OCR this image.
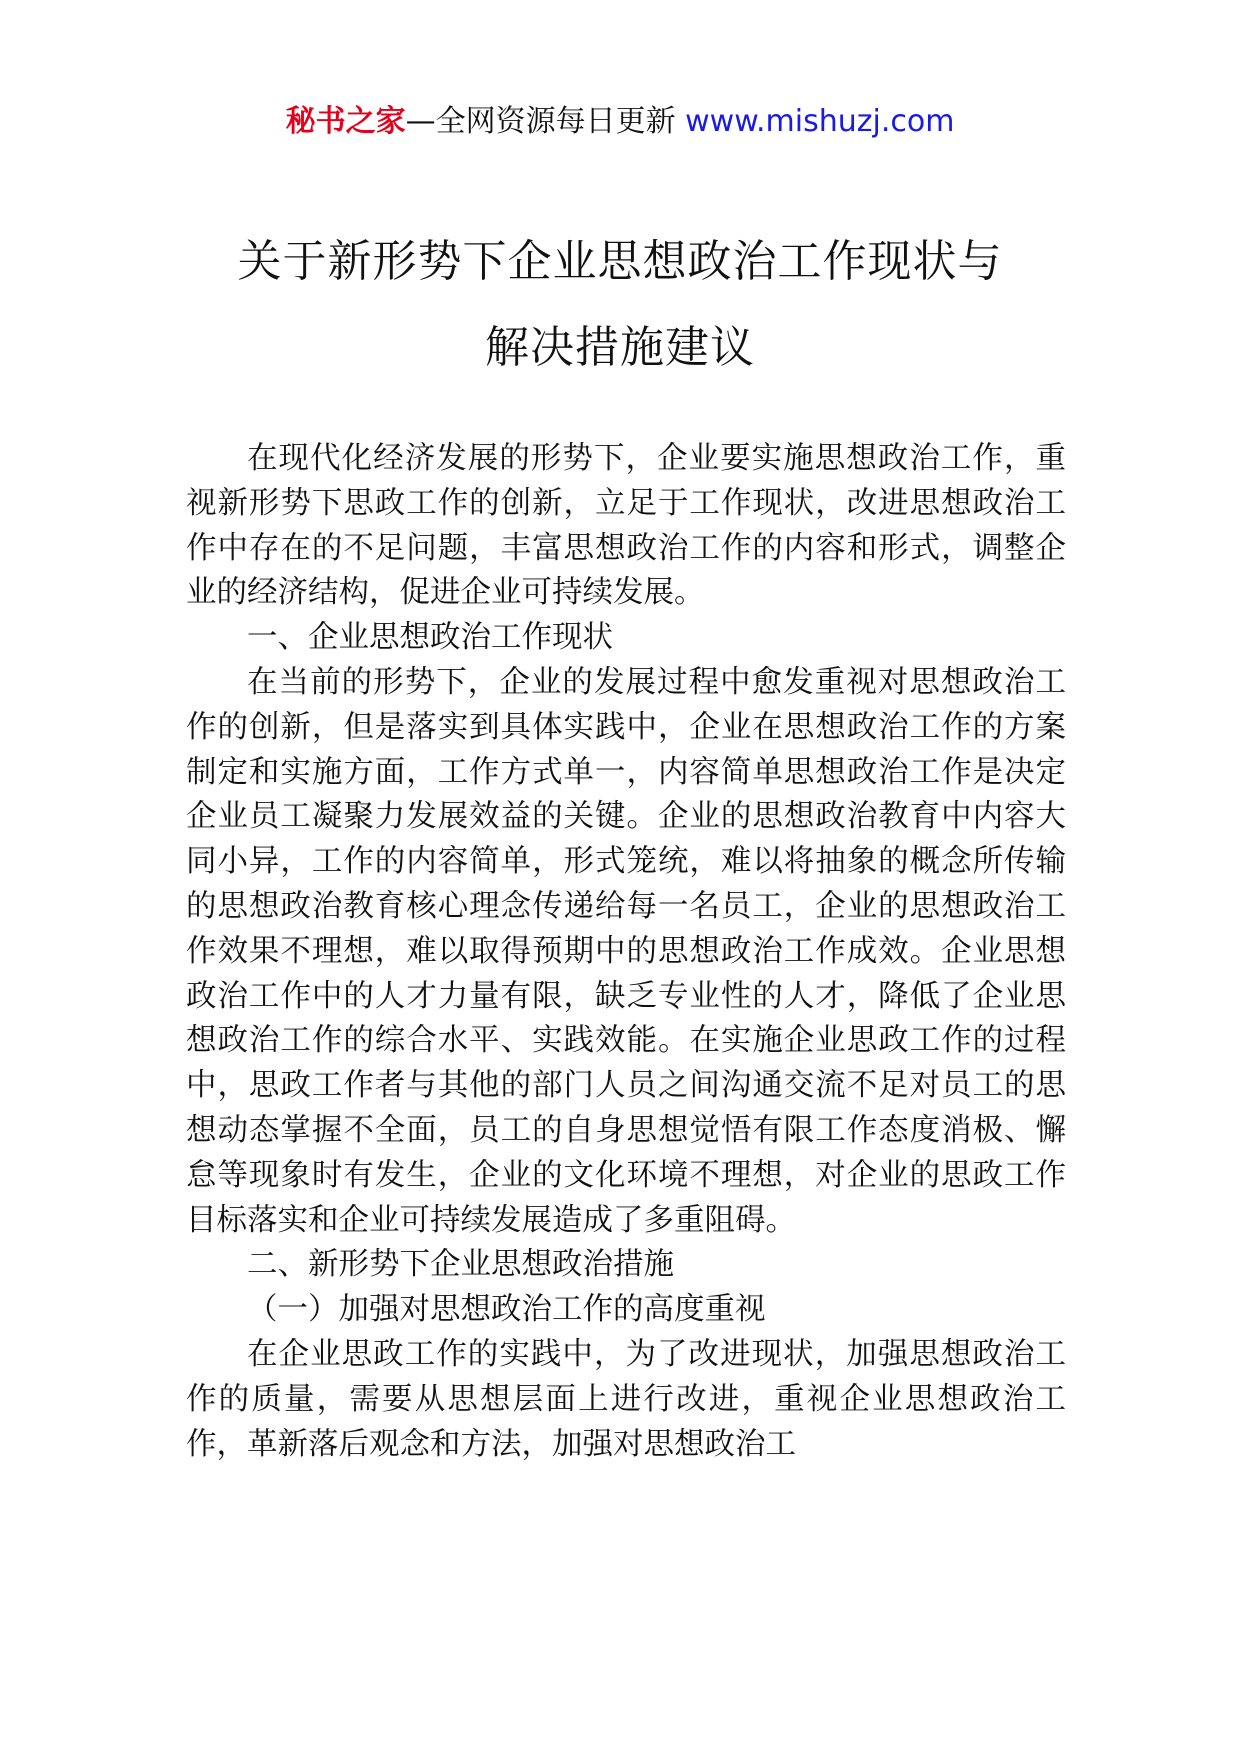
秘书之家—全网资源每日更新 www.mishuzj.com
关于新形势下企业思想政治工作现状与
解决措施建议

在现代化经济发展的形势下，企业要实施思想政治工作，重视新形势下思政工作的创新，立足于工作现状，改进思想政治工作中存在的不足问题，丰富思想政治工作的内容和形式，调整企业的经济结构，促进企业可持续发展。

一、企业思想政治工作现状

在当前的形势下，企业的发展过程中愈发重视对思想政治工作的创新，但是落实到具体实践中，企业在思想政治工作的方案制定和实施方面，工作方式单一，内容简单思想政治工作是决定企业员工凝聚力发展效益的关键。企业的思想政治教育中内容大同小异，工作的内容简单，形式笼统，难以将抽象的概念所传输的思想政治教育核心理念传递给每一名员工，企业的思想政治工作效果不理想，难以取得预期中的思想政治工作成效。企业思想政治工作中的人才力量有限，缺乏专业性的人才，降低了企业思想政治工作的综合水平、实践效能。在实施企业思政工作的过程中，思政工作者与其他的部门人员之间沟通交流不足对员工的思想动态掌握不全面，员工的自身思想觉悟有限工作态度消极、懈怠等现象时有发生，企业的文化环境不理想，对企业的思政工作目标落实和企业可持续发展造成了多重阻碍。

二、新形势下企业思想政治措施

（一）加强对思想政治工作的高度重视

在企业思政工作的实践中，为了改进现状，加强思想政治工作的质量，需要从思想层面上进行改进，重视企业思想政治工作，革新落后观念和方法，加强对思想政治工
